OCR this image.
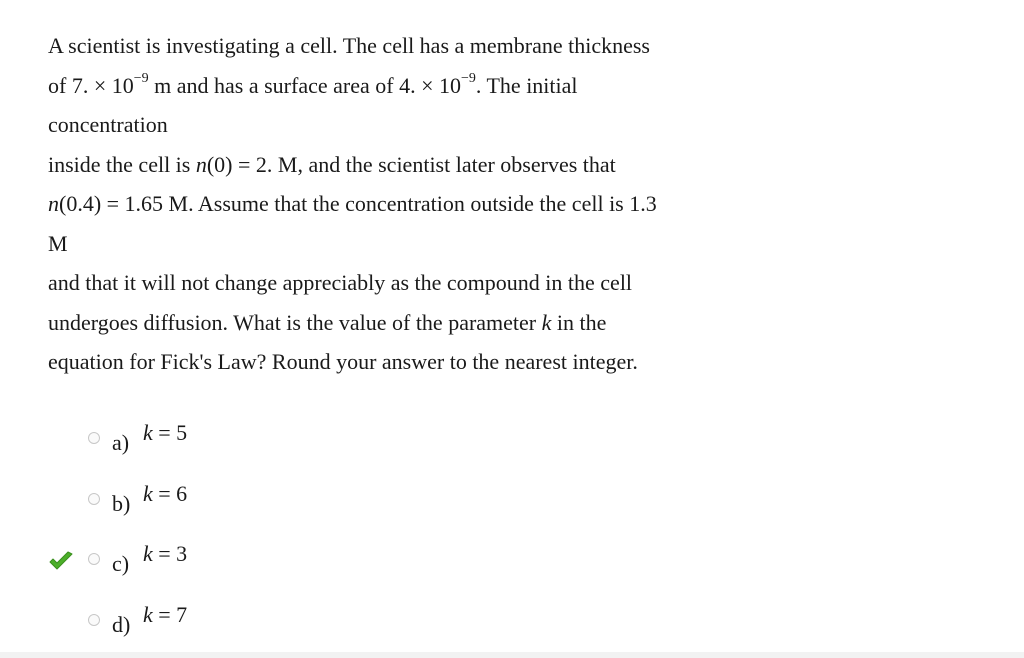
A scientist is investigating a cell. The cell has a membrane thickness
of 7. × $10^{-9}$ m and has a surface area of 4. × $10^{-9}$. The initial
concentration
inside the cell is n(0) = 2. M, and the scientist later observes that
n(0.4) = 1.65 M. Assume that the concentration outside the cell is 1.3
M
and that it will not change appreciably as the compound in the cell
undergoes diffusion. What is the value of the parameter k in the
equation for Fick's Law? Round your answer to the nearest integer.
a) k = 5
b) k = 6
c) k = 3
d) k = 7
